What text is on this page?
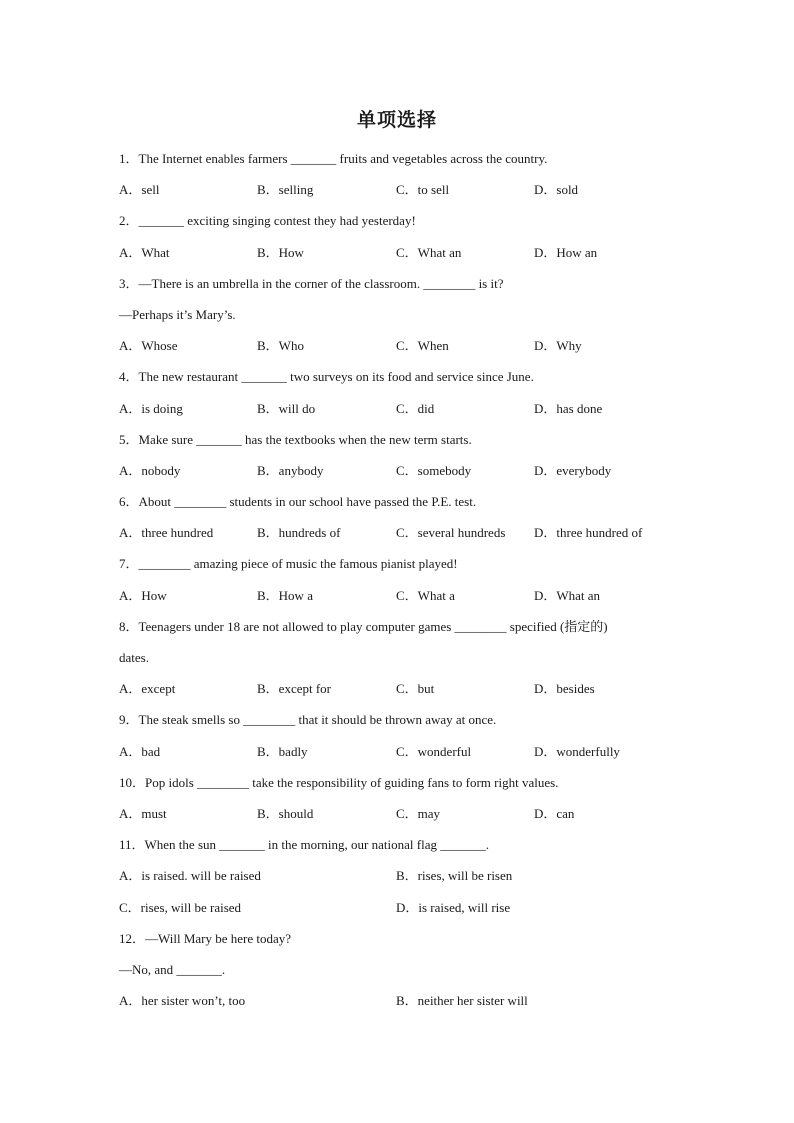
单项选择
1．The Internet enables farmers _______ fruits and vegetables across the country.
A．sell	B．selling	C．to sell	D．sold
2．_______ exciting singing contest they had yesterday!
A．What	B．How	C．What an	D．How an
3．—There is an umbrella in the corner of the classroom. ________ is it?
—Perhaps it’s Mary’s.
A．Whose	B．Who	C．When	D．Why
4．The new restaurant _______ two surveys on its food and service since June.
A．is doing	B．will do	C．did	D．has done
5．Make sure _______ has the textbooks when the new term starts.
A．nobody	B．anybody	C．somebody	D．everybody
6．About ________ students in our school have passed the P.E. test.
A．three hundred	B．hundreds of	C．several hundreds D．three hundred of
7．________ amazing piece of music the famous pianist played!
A．How	B．How a	C．What a	D．What an
8．Teenagers under 18 are not allowed to play computer games ________ specified (指定的)
dates.
A．except	B．except for	C．but	D．besides
9．The steak smells so ________ that it should be thrown away at once.
A．bad	B．badly	C．wonderful	D．wonderfully
10．Pop idols ________ take the responsibility of guiding fans to form right values.
A．must	B．should	C．may	D．can
11．When the sun _______ in the morning, our national flag _______.
A．is raised. will be raised	B．rises, will be risen
C．rises, will be raised	D．is raised, will rise
12．—Will Mary be here today?
—No, and _______.
A．her sister won’t, too	B．neither her sister will
